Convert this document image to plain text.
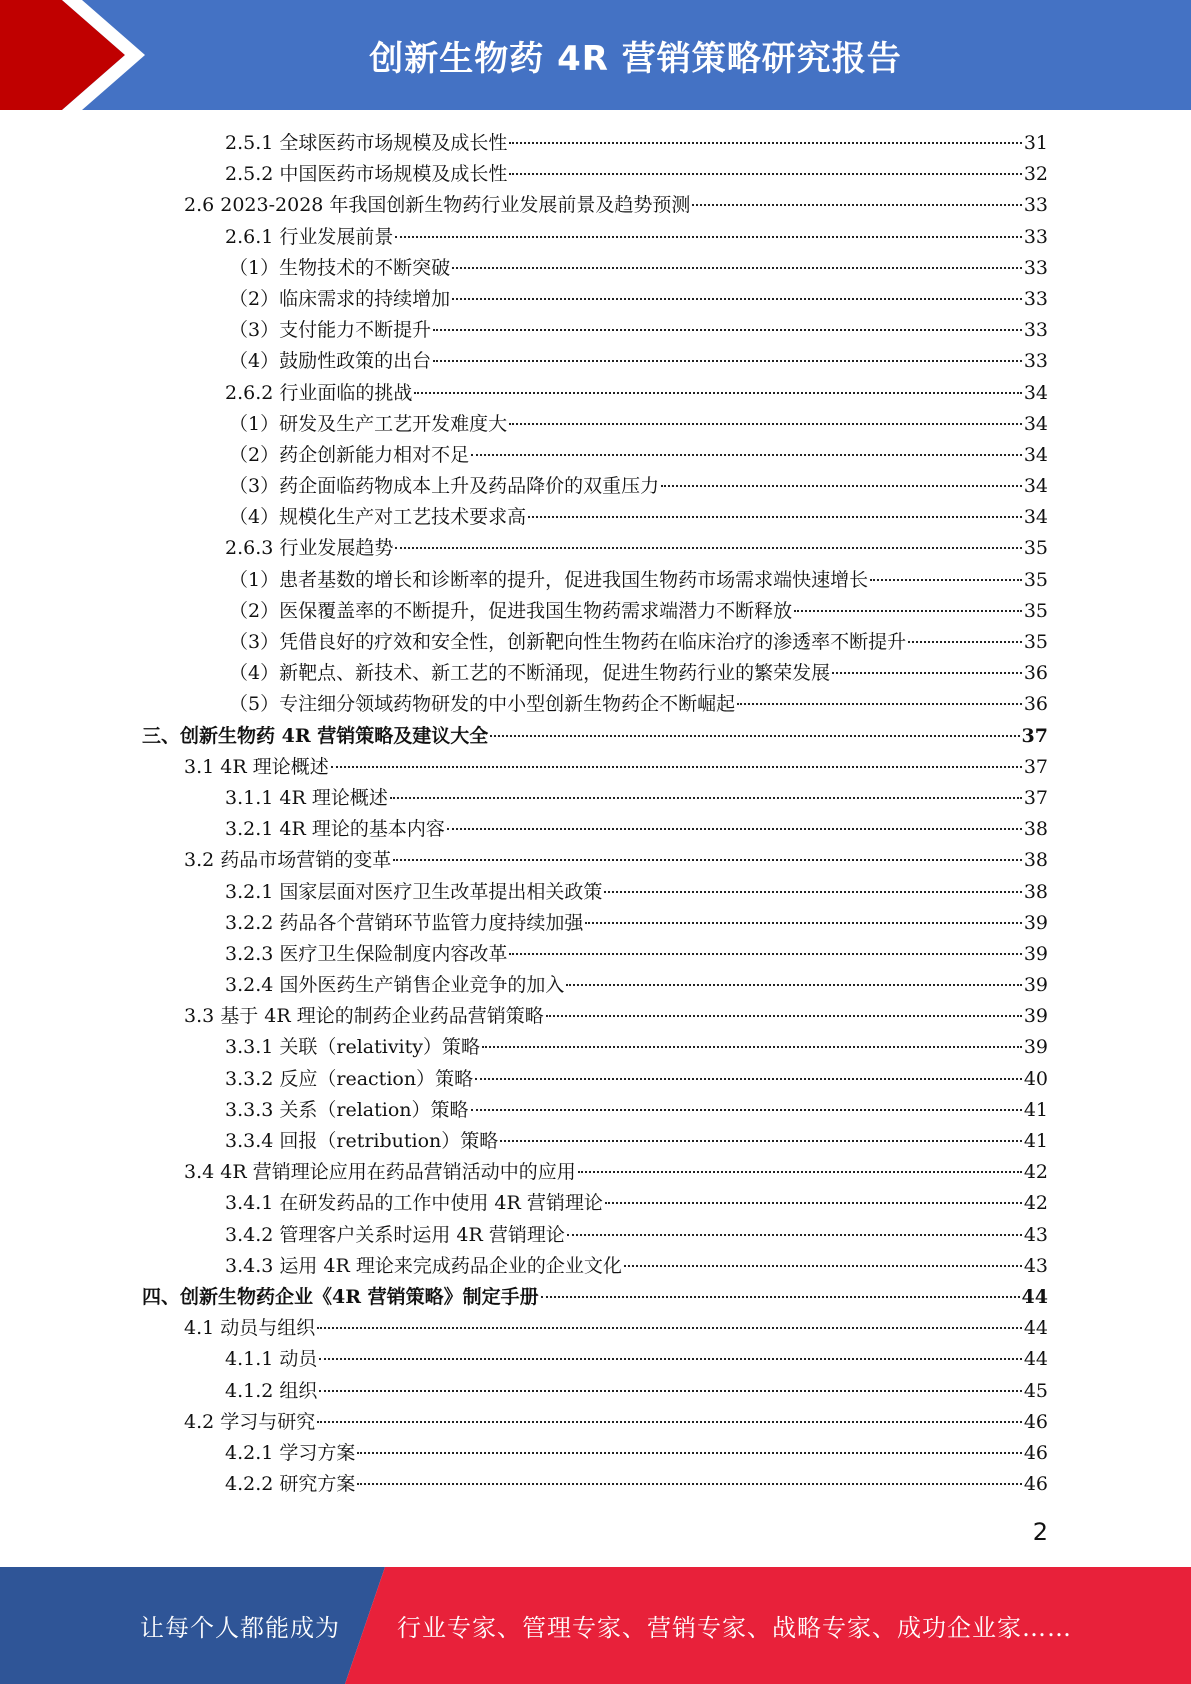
创新生物药 4R 营销策略研究报告
2.5.1 全球医药市场规模及成长性	31
2.5.2 中国医药市场规模及成长性	32
2.6 2023-2028 年我国创新生物药行业发展前景及趋势预测	33
2.6.1 行业发展前景	33
（1）生物技术的不断突破	33
（2）临床需求的持续增加	33
（3）支付能力不断提升	33
（4）鼓励性政策的出台	33
2.6.2 行业面临的挑战	34
（1）研发及生产工艺开发难度大	34
（2）药企创新能力相对不足	34
（3）药企面临药物成本上升及药品降价的双重压力	34
（4）规模化生产对工艺技术要求高	34
2.6.3 行业发展趋势	35
（1）患者基数的增长和诊断率的提升，促进我国生物药市场需求端快速增长	35
（2）医保覆盖率的不断提升，促进我国生物药需求端潜力不断释放	35
（3）凭借良好的疗效和安全性，创新靶向性生物药在临床治疗的渗透率不断提升	35
（4）新靶点、新技术、新工艺的不断涌现，促进生物药行业的繁荣发展	36
（5）专注细分领域药物研发的中小型创新生物药企不断崛起	36
三、创新生物药 4R 营销策略及建议大全	37
3.1 4R 理论概述	37
3.1.1 4R 理论概述	37
3.2.1 4R 理论的基本内容	38
3.2 药品市场营销的变革	38
3.2.1 国家层面对医疗卫生改革提出相关政策	38
3.2.2 药品各个营销环节监管力度持续加强	39
3.2.3 医疗卫生保险制度内容改革	39
3.2.4 国外医药生产销售企业竞争的加入	39
3.3 基于 4R 理论的制药企业药品营销策略	39
3.3.1 关联（relativity）策略	39
3.3.2 反应（reaction）策略	40
3.3.3 关系（relation）策略	41
3.3.4 回报（retribution）策略	41
3.4 4R 营销理论应用在药品营销活动中的应用	42
3.4.1 在研发药品的工作中使用 4R 营销理论	42
3.4.2 管理客户关系时运用 4R 营销理论	43
3.4.3 运用 4R 理论来完成药品企业的企业文化	43
四、创新生物药企业《4R 营销策略》制定手册	44
4.1 动员与组织	44
4.1.1 动员	44
4.1.2 组织	45
4.2 学习与研究	46
4.2.1 学习方案	46
4.2.2 研究方案	46
2
让每个人都能成为 行业专家、管理专家、营销专家、战略专家、成功企业家……
